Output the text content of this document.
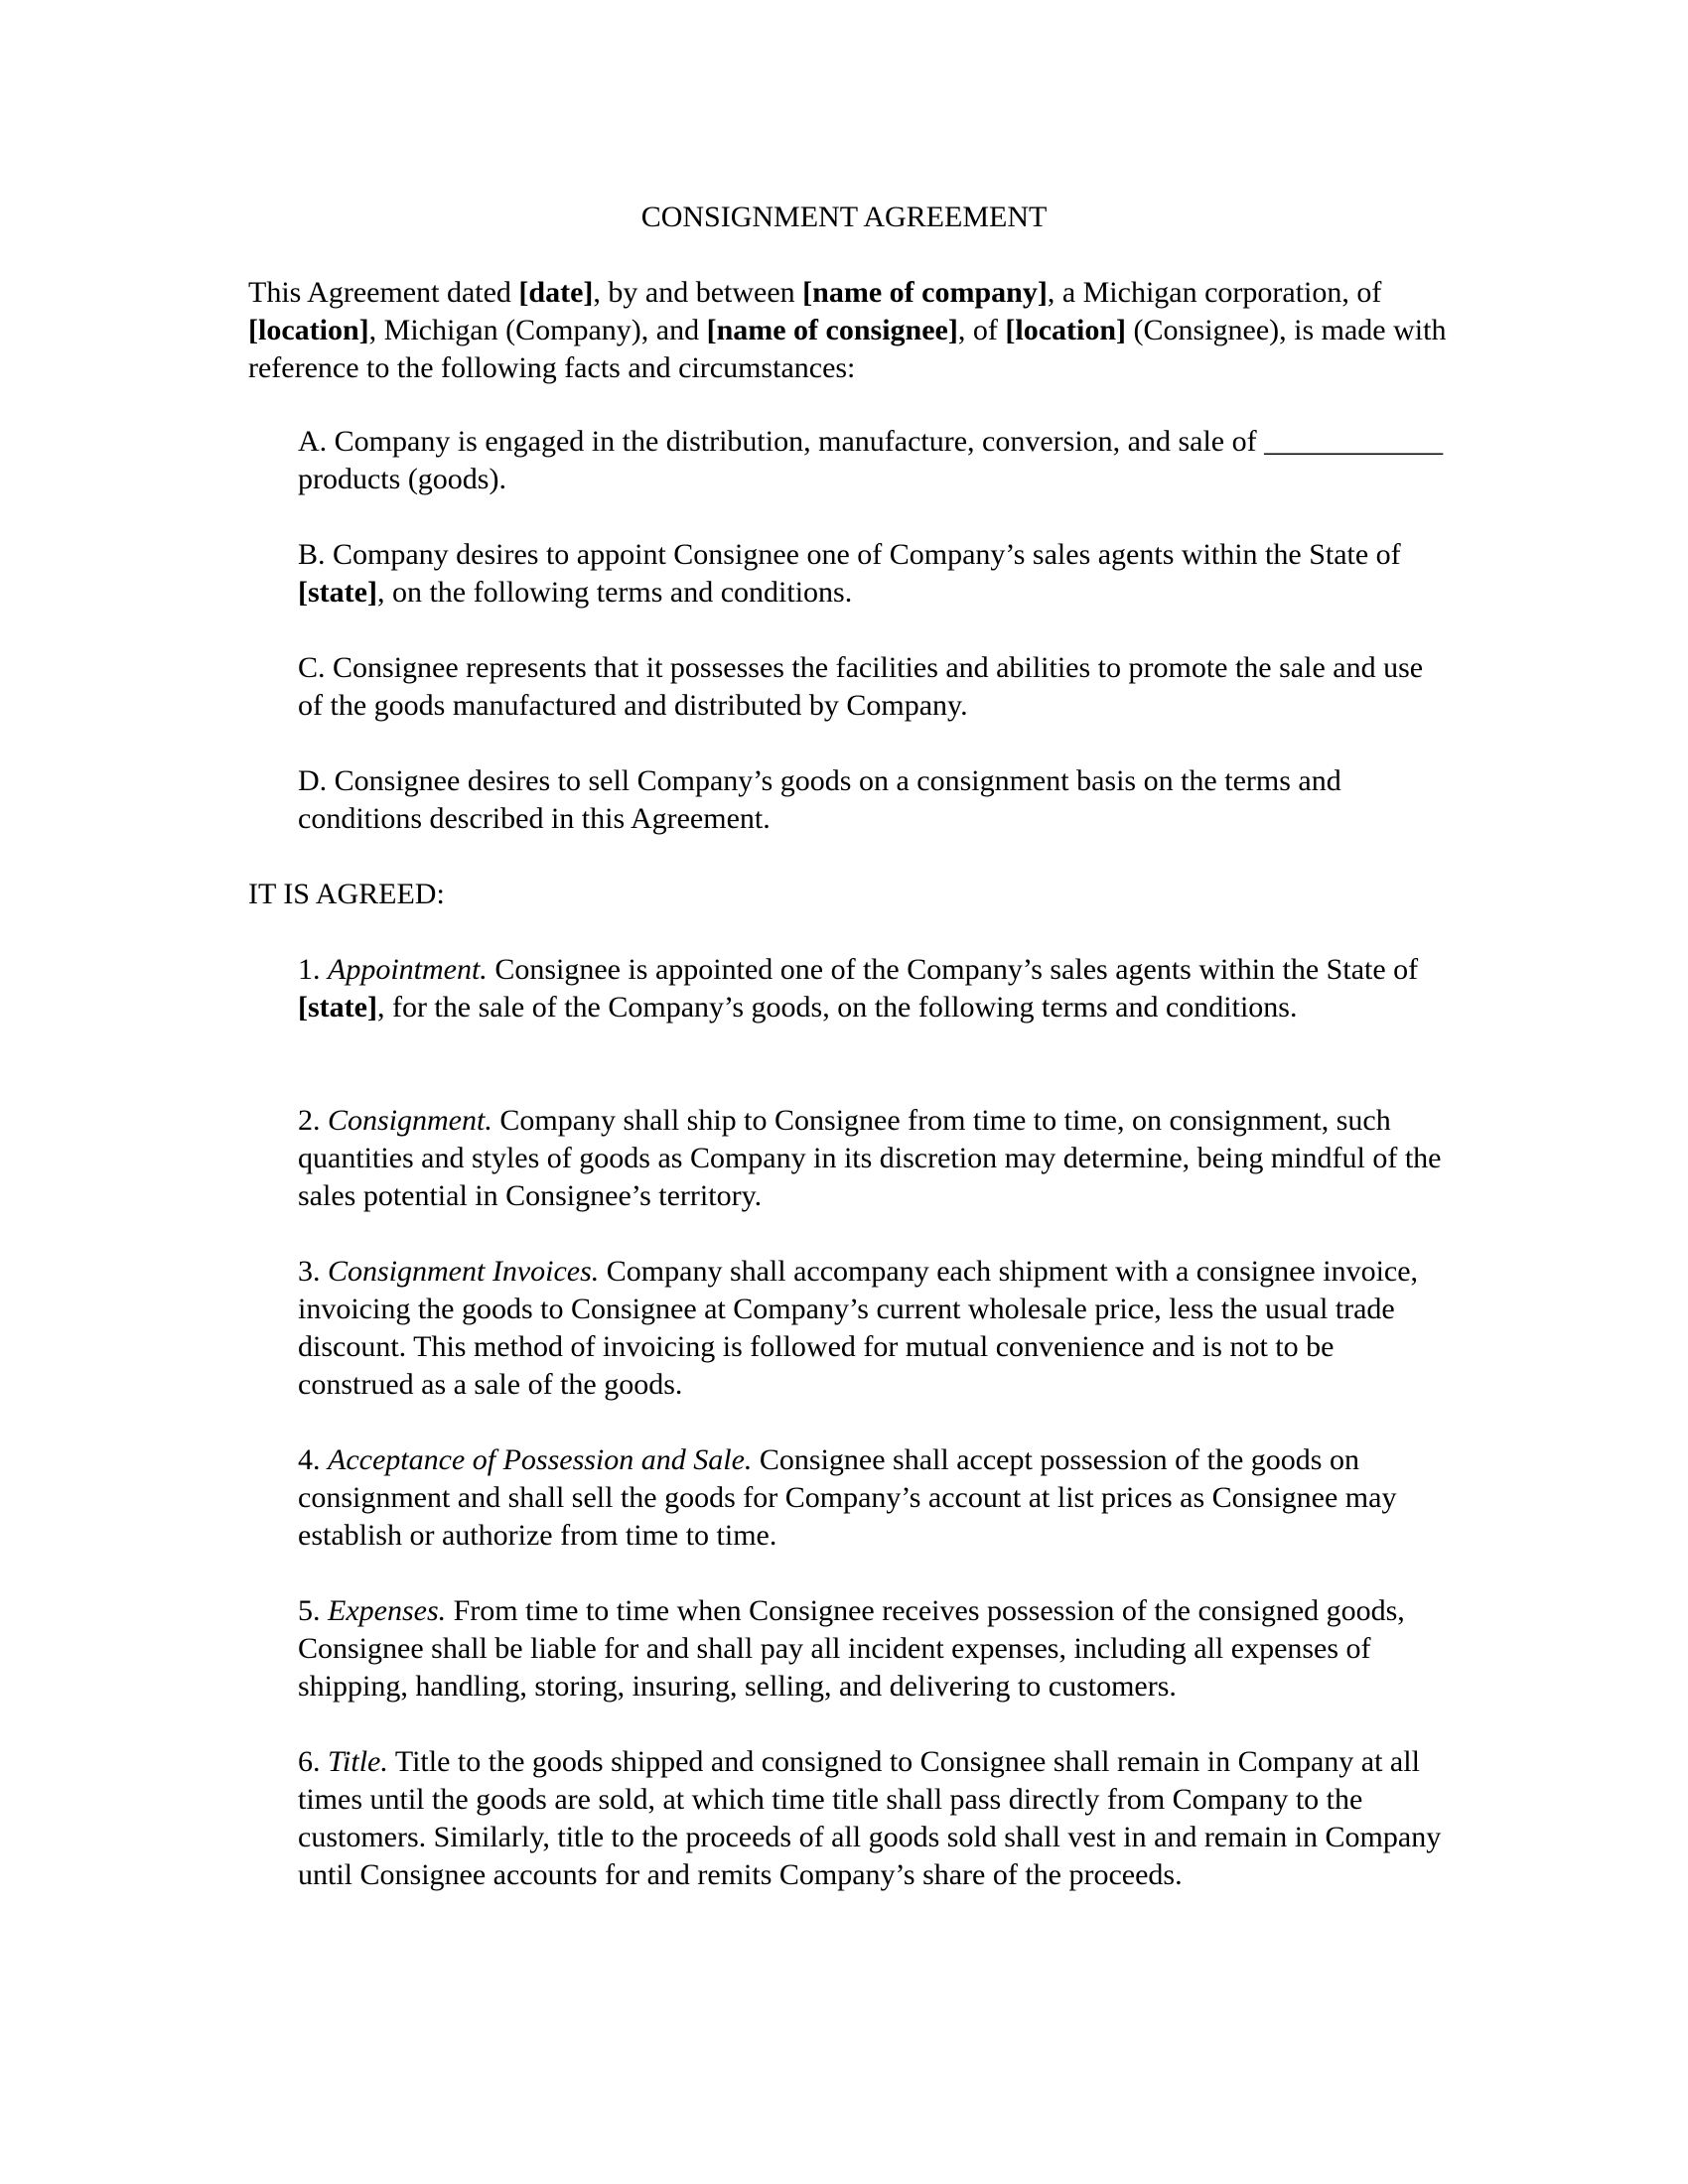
CONSIGNMENT AGREEMENT

This Agreement dated [date], by and between [name of company], a Michigan corporation, of [location], Michigan (Company), and [name of consignee], of [location] (Consignee), is made with reference to the following facts and circumstances:

A. Company is engaged in the distribution, manufacture, conversion, and sale of ____________ products (goods).

B. Company desires to appoint Consignee one of Company’s sales agents within the State of [state], on the following terms and conditions.

C. Consignee represents that it possesses the facilities and abilities to promote the sale and use of the goods manufactured and distributed by Company.

D. Consignee desires to sell Company’s goods on a consignment basis on the terms and conditions described in this Agreement.

IT IS AGREED:

1. Appointment. Consignee is appointed one of the Company’s sales agents within the State of [state], for the sale of the Company’s goods, on the following terms and conditions.

2. Consignment. Company shall ship to Consignee from time to time, on consignment, such quantities and styles of goods as Company in its discretion may determine, being mindful of the sales potential in Consignee’s territory.

3. Consignment Invoices. Company shall accompany each shipment with a consignee invoice, invoicing the goods to Consignee at Company’s current wholesale price, less the usual trade discount. This method of invoicing is followed for mutual convenience and is not to be construed as a sale of the goods.

4. Acceptance of Possession and Sale. Consignee shall accept possession of the goods on consignment and shall sell the goods for Company’s account at list prices as Consignee may establish or authorize from time to time.

5. Expenses. From time to time when Consignee receives possession of the consigned goods, Consignee shall be liable for and shall pay all incident expenses, including all expenses of shipping, handling, storing, insuring, selling, and delivering to customers.

6. Title. Title to the goods shipped and consigned to Consignee shall remain in Company at all times until the goods are sold, at which time title shall pass directly from Company to the customers. Similarly, title to the proceeds of all goods sold shall vest in and remain in Company until Consignee accounts for and remits Company’s share of the proceeds.
